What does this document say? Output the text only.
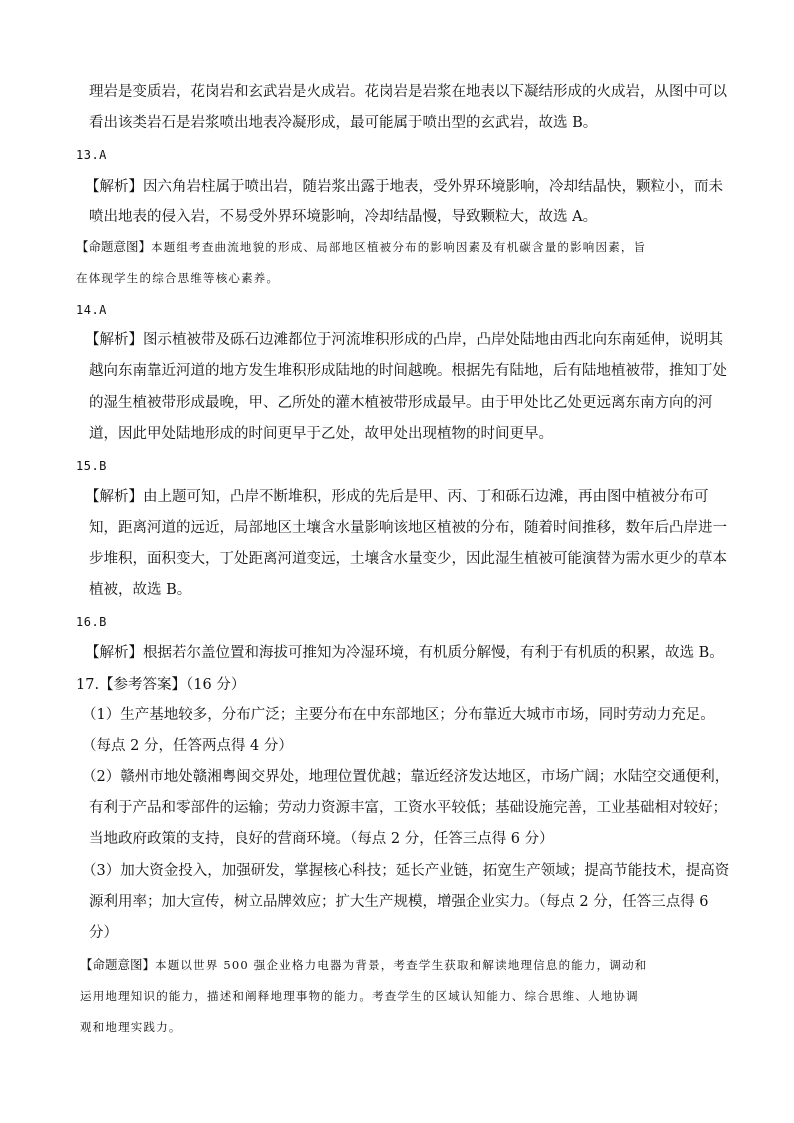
理岩是变质岩，花岗岩和玄武岩是火成岩。花岗岩是岩浆在地表以下凝结形成的火成岩，从图中可以
看出该类岩石是岩浆喷出地表冷凝形成，最可能属于喷出型的玄武岩，故选 B。
13.A
【解析】因六角岩柱属于喷出岩，随岩浆出露于地表，受外界环境影响，冷却结晶快，颗粒小，而未
喷出地表的侵入岩，不易受外界环境影响，冷却结晶慢，导致颗粒大，故选 A。
【命题意图】本题组考查曲流地貌的形成、局部地区植被分布的影响因素及有机碳含量的影响因素，旨
在体现学生的综合思维等核心素养。
14.A
【解析】图示植被带及砾石边滩都位于河流堆积形成的凸岸，凸岸处陆地由西北向东南延伸，说明其
越向东南靠近河道的地方发生堆积形成陆地的时间越晚。根据先有陆地，后有陆地植被带，推知丁处
的湿生植被带形成最晚，甲、乙所处的灌木植被带形成最早。由于甲处比乙处更远离东南方向的河
道，因此甲处陆地形成的时间更早于乙处，故甲处出现植物的时间更早。
15.B
【解析】由上题可知，凸岸不断堆积，形成的先后是甲、丙、丁和砾石边滩，再由图中植被分布可
知，距离河道的远近，局部地区土壤含水量影响该地区植被的分布，随着时间推移，数年后凸岸进一
步堆积，面积变大，丁处距离河道变远，土壤含水量变少，因此湿生植被可能演替为需水更少的草本
植被，故选 B。
16.B
【解析】根据若尔盖位置和海拔可推知为冷湿环境，有机质分解慢，有利于有机质的积累，故选 B。
17.【参考答案】（16 分）
（1）生产基地较多，分布广泛；主要分布在中东部地区；分布靠近大城市市场，同时劳动力充足。
（每点 2 分，任答两点得 4 分）
（2）赣州市地处赣湘粤闽交界处，地理位置优越；靠近经济发达地区，市场广阔；水陆空交通便利，
有利于产品和零部件的运输；劳动力资源丰富，工资水平较低；基础设施完善，工业基础相对较好；
当地政府政策的支持，良好的营商环境。（每点 2 分，任答三点得 6 分）
（3）加大资金投入，加强研发，掌握核心科技；延长产业链，拓宽生产领域；提高节能技术，提高资
源利用率；加大宣传，树立品牌效应；扩大生产规模，增强企业实力。（每点 2 分，任答三点得 6
分）
【命题意图】本题以世界 500 强企业格力电器为背景，考查学生获取和解读地理信息的能力，调动和
运用地理知识的能力，描述和阐释地理事物的能力。考查学生的区域认知能力、综合思维、人地协调
观和地理实践力。
